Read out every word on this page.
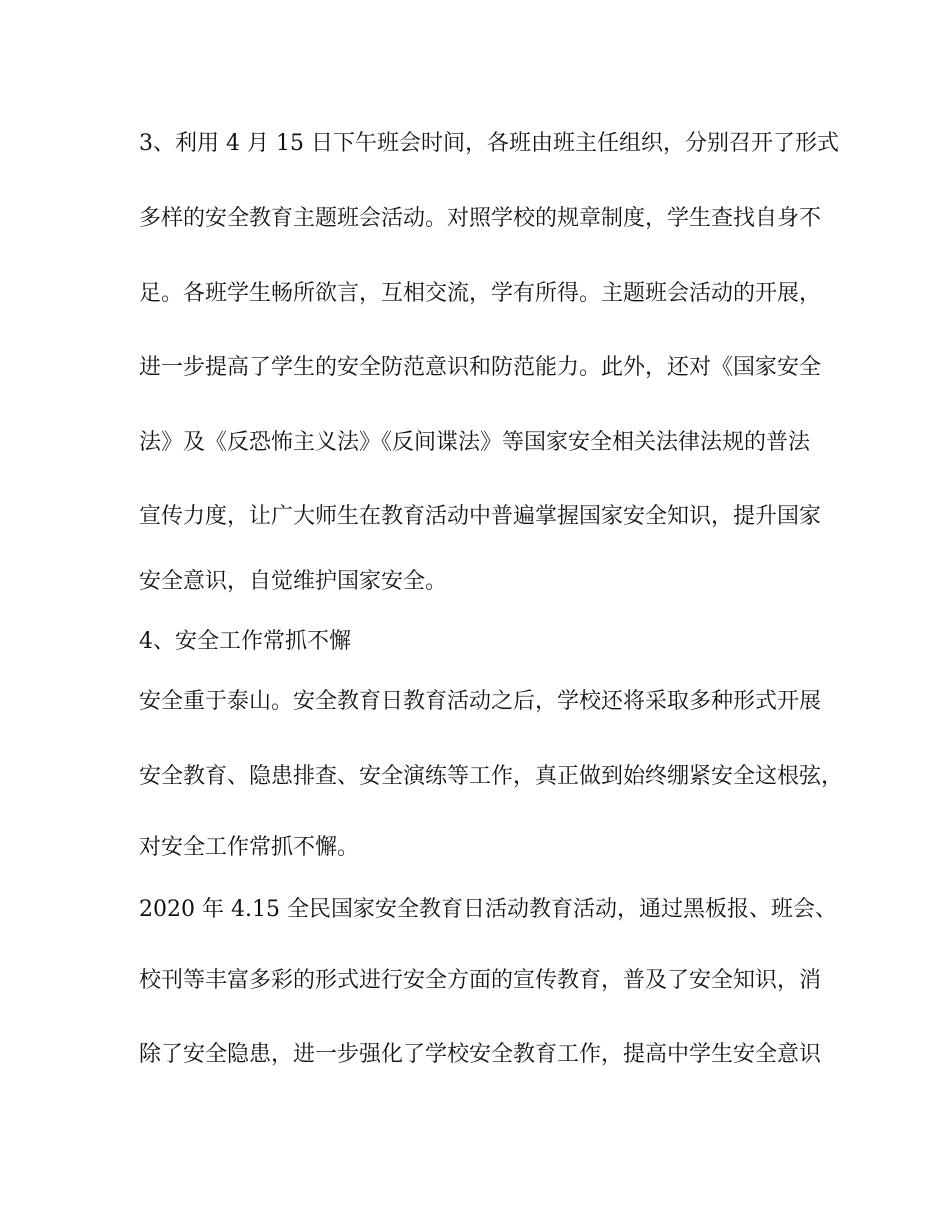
3、利用 4 月 15 日下午班会时间，各班由班主任组织，分别召开了形式
多样的安全教育主题班会活动。对照学校的规章制度，学生查找自身不
足。各班学生畅所欲言，互相交流，学有所得。主题班会活动的开展，
进一步提高了学生的安全防范意识和防范能力。此外，还对《国家安全
法》及《反恐怖主义法》《反间谍法》等国家安全相关法律法规的普法
宣传力度，让广大师生在教育活动中普遍掌握国家安全知识，提升国家
安全意识，自觉维护国家安全。
4、安全工作常抓不懈
安全重于泰山。安全教育日教育活动之后，学校还将采取多种形式开展
安全教育、隐患排查、安全演练等工作，真正做到始终绷紧安全这根弦，
对安全工作常抓不懈。
2020 年 4.15 全民国家安全教育日活动教育活动，通过黑板报、班会、
校刊等丰富多彩的形式进行安全方面的宣传教育，普及了安全知识，消
除了安全隐患，进一步强化了学校安全教育工作，提高中学生安全意识
